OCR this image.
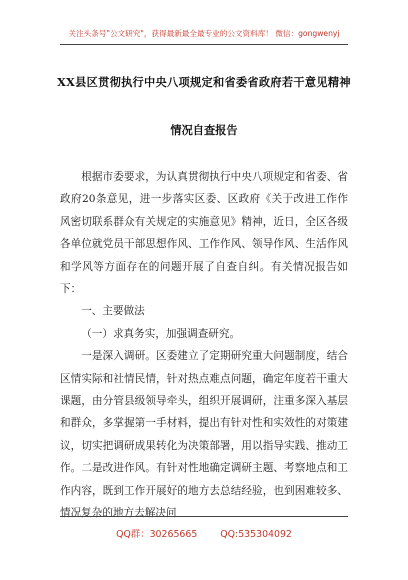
关注头条号"公文研究"，获得最新最全最专业的公文资料库！ 微信：gongwenyj
XX县区贯彻执行中央八项规定和省委省政府若干意见精神
情况自查报告

根据市委要求，为认真贯彻执行中央八项规定和省委、省政府20条意见，进一步落实区委、区政府《关于改进工作作风密切联系群众有关规定的实施意见》精神，近日，全区各级各单位就党员干部思想作风、工作作风、领导作风、生活作风和学风等方面存在的问题开展了自查自纠。有关情况报告如下：

一、主要做法

（一）求真务实，加强调查研究。

一是深入调研。区委建立了定期研究重大问题制度，结合区情实际和社情民情，针对热点难点问题，确定年度若干重大课题，由分管县级领导牵头，组织开展调研，注重多深入基层和群众，多掌握第一手材料，提出有针对性和实效性的对策建议，切实把调研成果转化为决策部署，用以指导实践、推动工作。二是改进作风。有针对性地确定调研主题、考察地点和工作内容，既到工作开展好的地方去总结经验，也到困难较多、情况复杂的地方去解决问

QQ群：30265665 QQ:535304092
